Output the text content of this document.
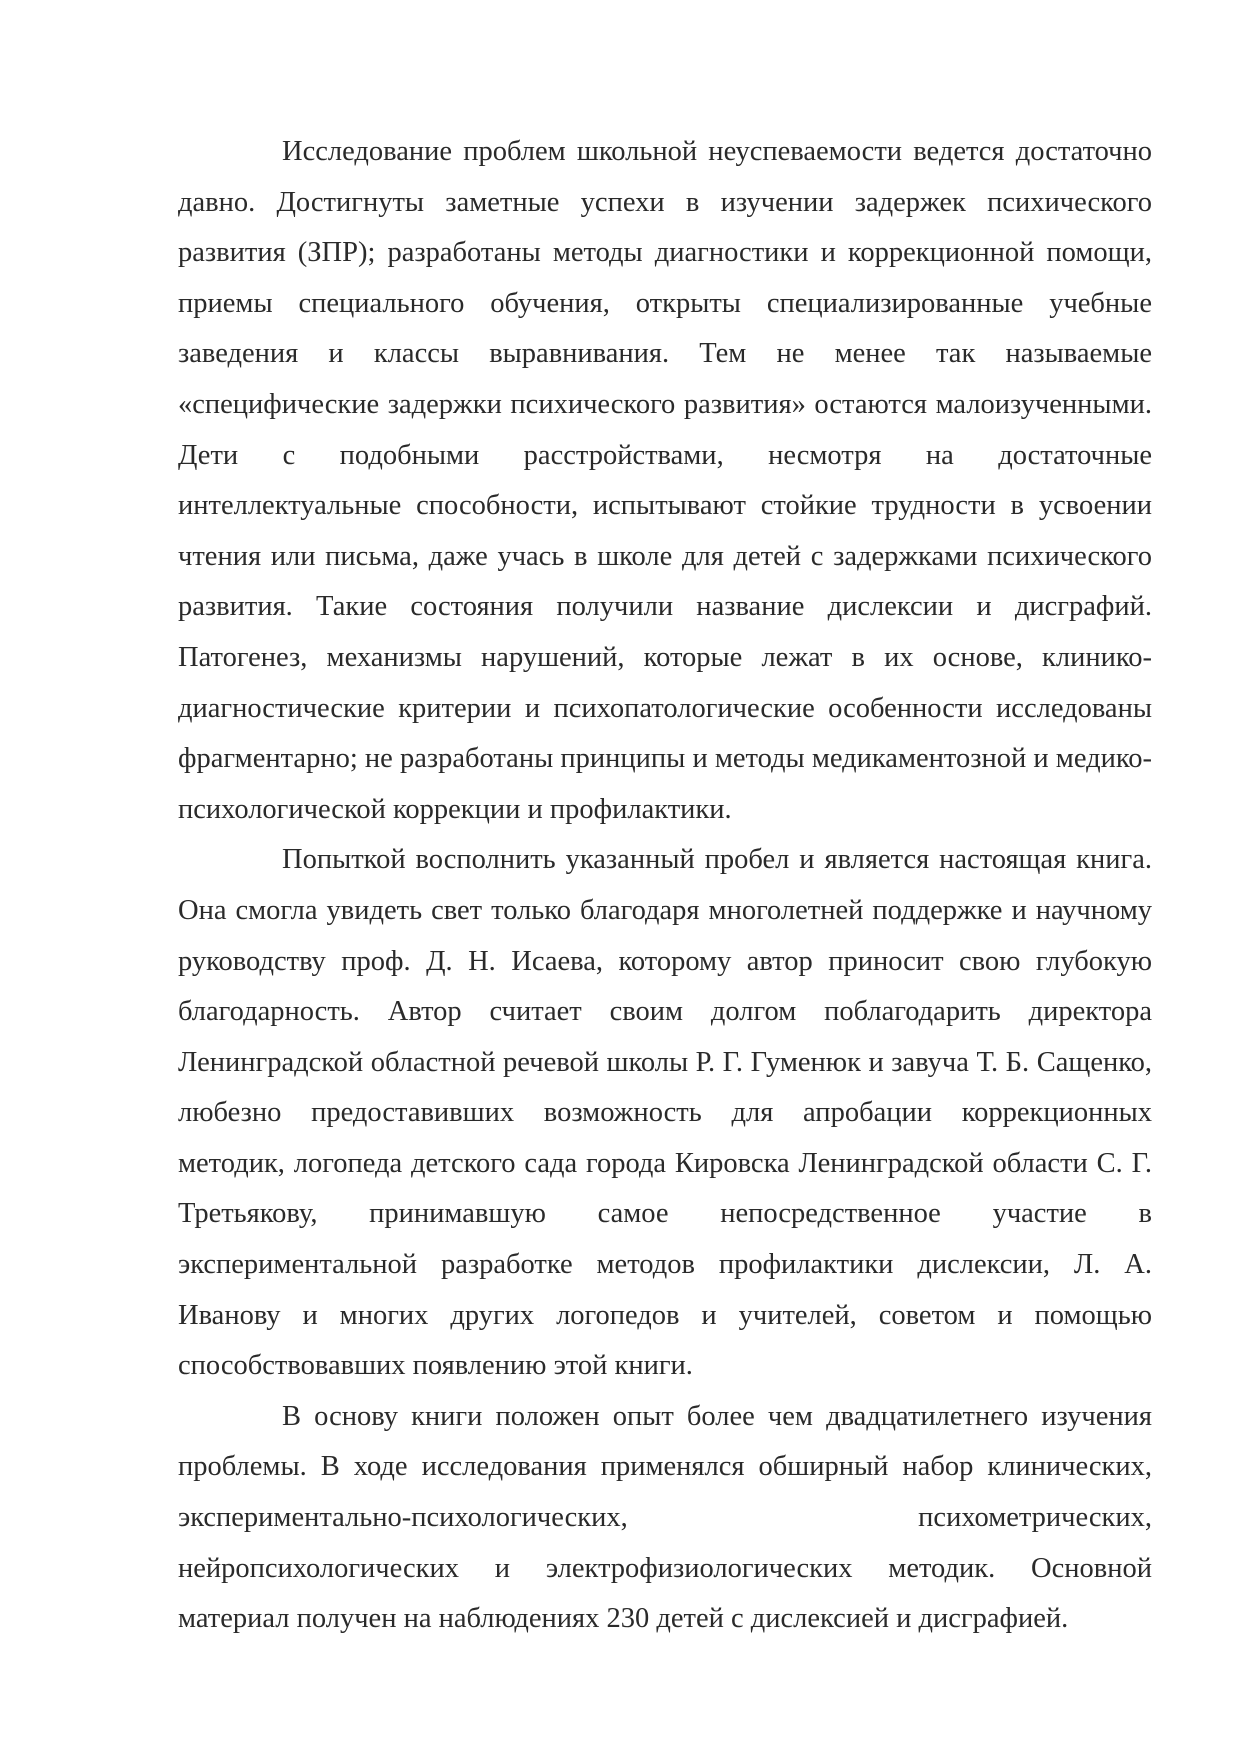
Исследование проблем школьной неуспеваемости ведется достаточно давно. Достигнуты заметные успехи в изучении задержек психического развития (ЗПР); разработаны методы диагностики и коррекционной помощи, приемы специального обучения, открыты специализированные учебные заведения и классы выравнивания. Тем не менее так называемые «специфические задержки психического развития» остаются малоизученными. Дети с подобными расстройствами, несмотря на достаточные интеллектуальные способности, испытывают стойкие трудности в усвоении чтения или письма, даже учась в школе для детей с задержками психического развития. Такие состояния получили название дислексии и дисграфий. Патогенез, механизмы нарушений, которые лежат в их основе, клинико-диагностические критерии и психопатологические особенности исследованы фрагментарно; не разработаны принципы и методы медикаментозной и медико-психологической коррекции и профилактики.

Попыткой восполнить указанный пробел и является настоящая книга. Она смогла увидеть свет только благодаря многолетней поддержке и научному руководству проф. Д. Н. Исаева, которому автор приносит свою глубокую благодарность. Автор считает своим долгом поблагодарить директора Ленинградской областной речевой школы Р. Г. Гуменюк и завуча Т. Б. Сащенко, любезно предоставивших возможность для апробации коррекционных методик, логопеда детского сада города Кировска Ленинградской области С. Г. Третьякову, принимавшую самое непосредственное участие в экспериментальной разработке методов профилактики дислексии, Л. А. Иванову и многих других логопедов и учителей, советом и помощью способствовавших появлению этой книги.

В основу книги положен опыт более чем двадцатилетнего изучения проблемы. В ходе исследования применялся обширный набор клинических, экспериментально-психологических, психометрических, нейропсихологических и электрофизиологических методик. Основной материал получен на наблюдениях 230 детей с дислексией и дисграфией.
